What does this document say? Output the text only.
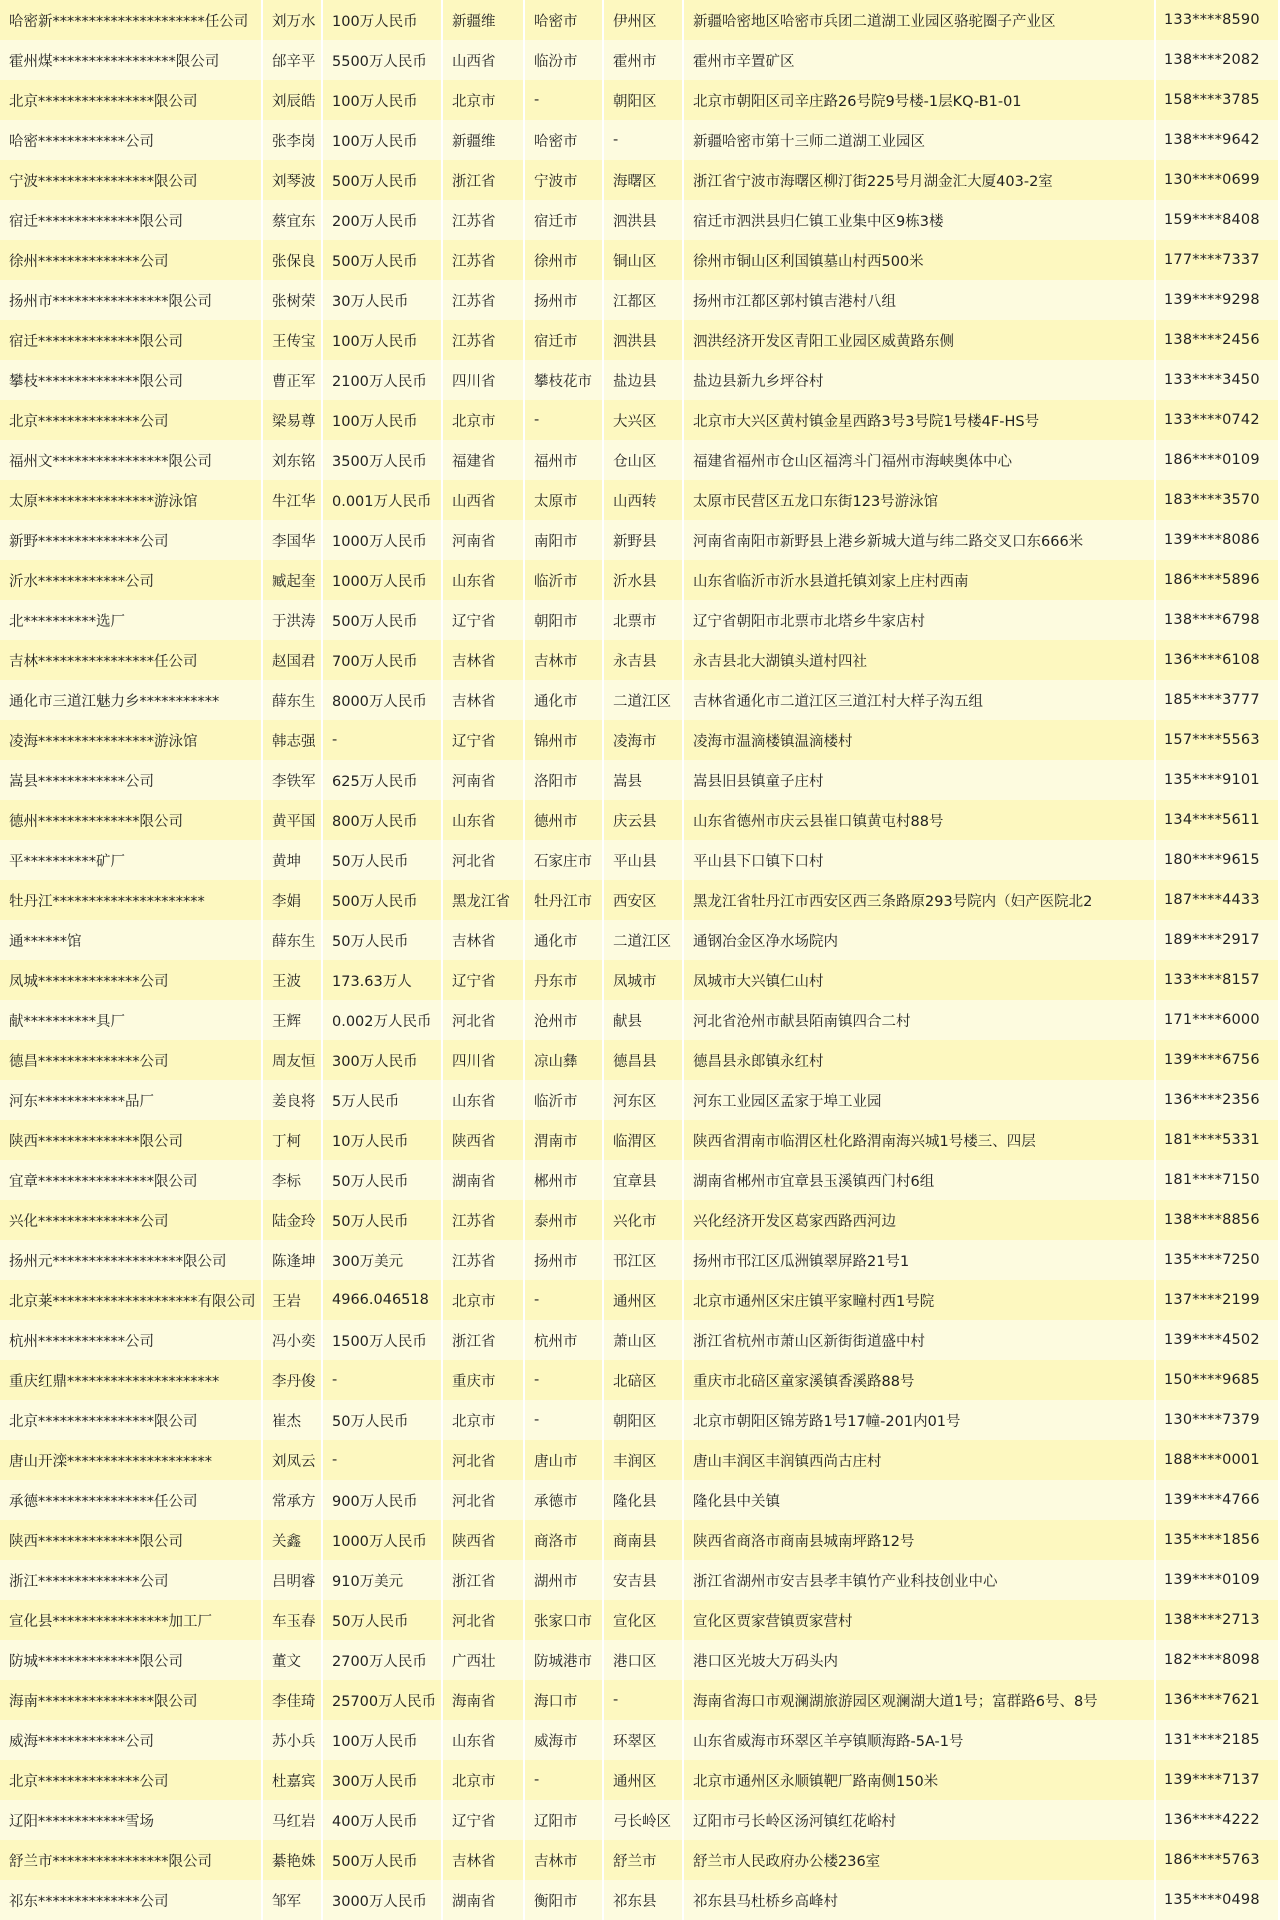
哈密新*********************任公司	刘万水	100万人民币	新疆维	哈密市	伊州区	新疆哈密地区哈密市兵团二道湖工业园区骆驼圈子产业区	133****8590
霍州煤*****************限公司	邰辛平	5500万人民币	山西省	临汾市	霍州市	霍州市辛置矿区	138****2082
北京****************限公司	刘辰皓	100万人民币	北京市	-	朝阳区	北京市朝阳区司辛庄路26号院9号楼-1层KQ-B1-01	158****3785
哈密************公司	张李岗	100万人民币	新疆维	哈密市	-	新疆哈密市第十三师二道湖工业园区	138****9642
宁波****************限公司	刘琴波	500万人民币	浙江省	宁波市	海曙区	浙江省宁波市海曙区柳汀街225号月湖金汇大厦403-2室	130****0699
宿迁**************限公司	蔡宜东	200万人民币	江苏省	宿迁市	泗洪县	宿迁市泗洪县归仁镇工业集中区9栋3楼	159****8408
徐州**************公司	张保良	500万人民币	江苏省	徐州市	铜山区	徐州市铜山区利国镇墓山村西500米	177****7337
扬州市****************限公司	张树荣	30万人民币	江苏省	扬州市	江都区	扬州市江都区郭村镇吉港村八组	139****9298
宿迁**************限公司	王传宝	100万人民币	江苏省	宿迁市	泗洪县	泗洪经济开发区青阳工业园区威黄路东侧	138****2456
攀枝**************限公司	曹正军	2100万人民币	四川省	攀枝花市	盐边县	盐边县新九乡坪谷村	133****3450
北京**************公司	梁易尊	100万人民币	北京市	-	大兴区	北京市大兴区黄村镇金星西路3号3号院1号楼4F-HS号	133****0742
福州文****************限公司	刘东铭	3500万人民币	福建省	福州市	仓山区	福建省福州市仓山区福湾斗门福州市海峡奥体中心	186****0109
太原****************游泳馆	牛江华	0.001万人民币	山西省	太原市	山西转	太原市民营区五龙口东街123号游泳馆	183****3570
新野**************公司	李国华	1000万人民币	河南省	南阳市	新野县	河南省南阳市新野县上港乡新城大道与纬二路交叉口东666米	139****8086
沂水************公司	臧起奎	1000万人民币	山东省	临沂市	沂水县	山东省临沂市沂水县道托镇刘家上庄村西南	186****5896
北**********选厂	于洪涛	500万人民币	辽宁省	朝阳市	北票市	辽宁省朝阳市北票市北塔乡牛家店村	138****6798
吉林****************任公司	赵国君	700万人民币	吉林省	吉林市	永吉县	永吉县北大湖镇头道村四社	136****6108
通化市三道江魅力乡***********	薛东生	8000万人民币	吉林省	通化市	二道江区	吉林省通化市二道江区三道江村大样子沟五组	185****3777
凌海****************游泳馆	韩志强	-	辽宁省	锦州市	凌海市	凌海市温滴楼镇温滴楼村	157****5563
嵩县************公司	李铁军	625万人民币	河南省	洛阳市	嵩县	嵩县旧县镇童子庄村	135****9101
德州**************限公司	黄平国	800万人民币	山东省	德州市	庆云县	山东省德州市庆云县崔口镇黄屯村88号	134****5611
平**********矿厂	黄坤	50万人民币	河北省	石家庄市	平山县	平山县下口镇下口村	180****9615
牡丹江*********************	李娟	500万人民币	黑龙江省	牡丹江市	西安区	黑龙江省牡丹江市西安区西三条路原293号院内（妇产医院北2	187****4433
通******馆	薛东生	50万人民币	吉林省	通化市	二道江区	通钢冶金区净水场院内	189****2917
凤城**************公司	王波	173.63万人	辽宁省	丹东市	凤城市	凤城市大兴镇仁山村	133****8157
献**********具厂	王辉	0.002万人民币	河北省	沧州市	献县	河北省沧州市献县陌南镇四合二村	171****6000
德昌**************公司	周友恒	300万人民币	四川省	凉山彝	德昌县	德昌县永郎镇永红村	139****6756
河东************品厂	姜良将	5万人民币	山东省	临沂市	河东区	河东工业园区孟家于埠工业园	136****2356
陕西**************限公司	丁柯	10万人民币	陕西省	渭南市	临渭区	陕西省渭南市临渭区杜化路渭南海兴城1号楼三、四层	181****5331
宜章****************限公司	李标	50万人民币	湖南省	郴州市	宜章县	湖南省郴州市宜章县玉溪镇西门村6组	181****7150
兴化**************公司	陆金玲	50万人民币	江苏省	泰州市	兴化市	兴化经济开发区葛家西路西河边	138****8856
扬州元******************限公司	陈逢坤	300万美元	江苏省	扬州市	邗江区	扬州市邗江区瓜洲镇翠屏路21号1	135****7250
北京莱********************有限公司	王岩	4966.046518	北京市	-	通州区	北京市通州区宋庄镇平家疃村西1号院	137****2199
杭州************公司	冯小奕	1500万人民币	浙江省	杭州市	萧山区	浙江省杭州市萧山区新街街道盛中村	139****4502
重庆红鼎*********************	李丹俊	-	重庆市	-	北碚区	重庆市北碚区童家溪镇香溪路88号	150****9685
北京****************限公司	崔杰	50万人民币	北京市	-	朝阳区	北京市朝阳区锦芳路1号17幢-201内01号	130****7379
唐山开滦********************	刘凤云	-	河北省	唐山市	丰润区	唐山丰润区丰润镇西尚古庄村	188****0001
承德****************任公司	常承方	900万人民币	河北省	承德市	隆化县	隆化县中关镇	139****4766
陕西**************限公司	关鑫	1000万人民币	陕西省	商洛市	商南县	陕西省商洛市商南县城南坪路12号	135****1856
浙江**************公司	吕明睿	910万美元	浙江省	湖州市	安吉县	浙江省湖州市安吉县孝丰镇竹产业科技创业中心	139****0109
宣化县****************加工厂	车玉春	50万人民币	河北省	张家口市	宣化区	宣化区贾家营镇贾家营村	138****2713
防城**************限公司	董文	2700万人民币	广西壮	防城港市	港口区	港口区光坡大万码头内	182****8098
海南****************限公司	李佳琦	25700万人民币	海南省	海口市	-	海南省海口市观澜湖旅游园区观澜湖大道1号；富群路6号、8号	136****7621
威海************公司	苏小兵	100万人民币	山东省	威海市	环翠区	山东省威海市环翠区羊亭镇顺海路-5A-1号	131****2185
北京**************公司	杜嘉宾	300万人民币	北京市	-	通州区	北京市通州区永顺镇靶厂路南侧150米	139****7137
辽阳************雪场	马红岩	400万人民币	辽宁省	辽阳市	弓长岭区	辽阳市弓长岭区汤河镇红花峪村	136****4222
舒兰市****************限公司	綦艳姝	500万人民币	吉林省	吉林市	舒兰市	舒兰市人民政府办公楼236室	186****5763
祁东**************公司	邹军	3000万人民币	湖南省	衡阳市	祁东县	祁东县马杜桥乡高峰村	135****0498
